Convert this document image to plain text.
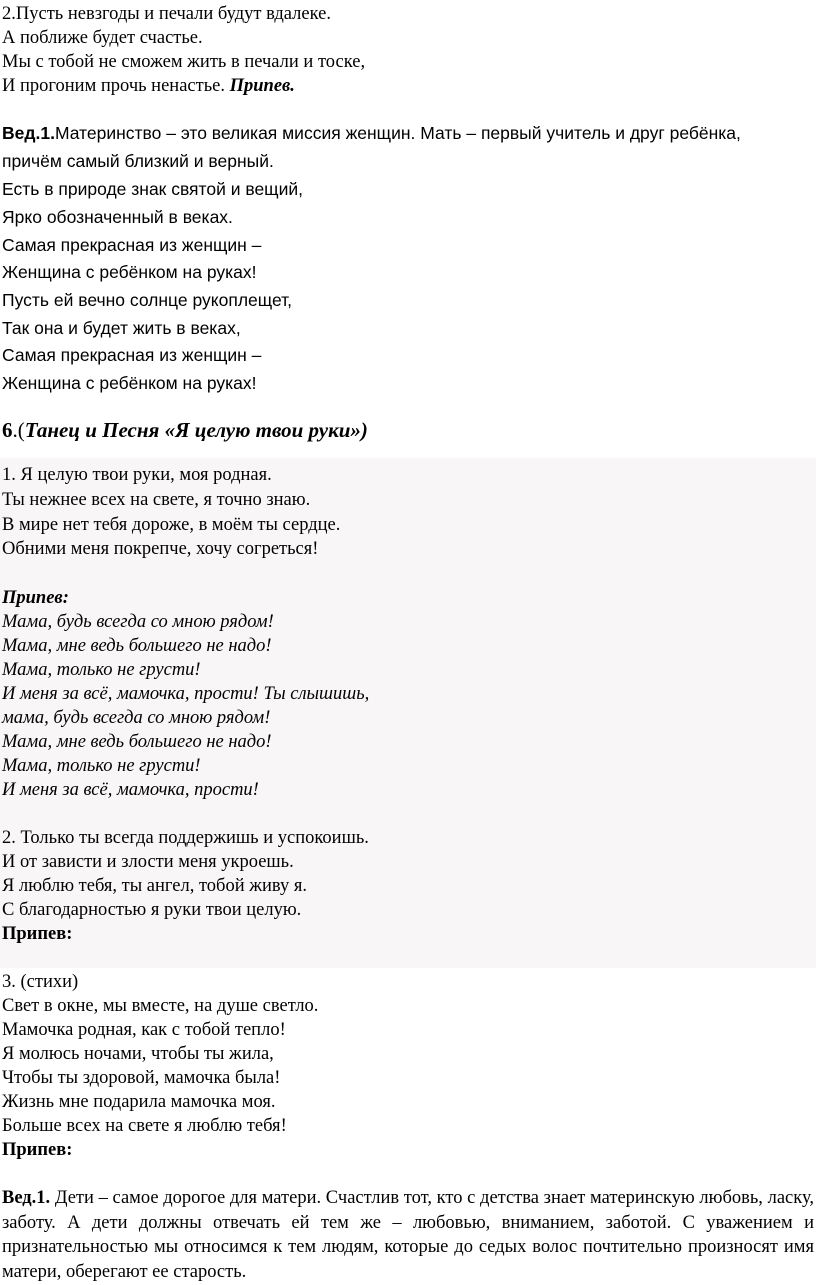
2.Пусть невзгоды и печали будут вдалеке.
А поближе будет счастье.
Мы с тобой не сможем жить в печали и тоске,
И прогоним прочь ненастье. Припев.
Вед.1.Материнство – это великая миссия женщин. Мать – первый учитель и друг ребёнка,
причём самый близкий и верный.
Есть в природе знак святой и вещий,
Ярко обозначенный в веках.
Самая прекрасная из женщин –
Женщина с ребёнком на руках!
Пусть ей вечно солнце рукоплещет,
Так она и будет жить в веках,
Самая прекрасная из женщин –
Женщина с ребёнком на руках!
6.(Танец и Песня «Я целую твои руки»)
1. Я целую твои руки, моя родная.
Ты нежнее всех на свете, я точно знаю.
В мире нет тебя дороже, в моём ты сердце.
Обними меня покрепче, хочу согреться!
Припев:
Мама, будь всегда со мною рядом!
Мама, мне ведь большего не надо!
Мама, только не грусти!
И меня за всё, мамочка, прости! Ты слышишь,
мама, будь всегда со мною рядом!
Мама, мне ведь большего не надо!
Мама, только не грусти!
И меня за всё, мамочка, прости!
2. Только ты всегда поддержишь и успокоишь.
И от зависти и злости меня укроешь.
Я люблю тебя, ты ангел, тобой живу я.
С благодарностью я руки твои целую.
Припев:
3. (стихи)
Свет в окне, мы вместе, на душе светло.
Мамочка родная, как с тобой тепло!
Я молюсь ночами, чтобы ты жила,
Чтобы ты здоровой, мамочка была!
Жизнь мне подарила мамочка моя.
Больше всех на свете я люблю тебя!
Припев:
Вед.1. Дети – самое дорогое для матери. Счастлив тот, кто с детства знает материнскую любовь, ласку, заботу. А дети должны отвечать ей тем же – любовью, вниманием, заботой. С уважением и признательностью мы относимся к тем людям, которые до седых волос почтительно произносят имя матери, оберегают ее старость.
